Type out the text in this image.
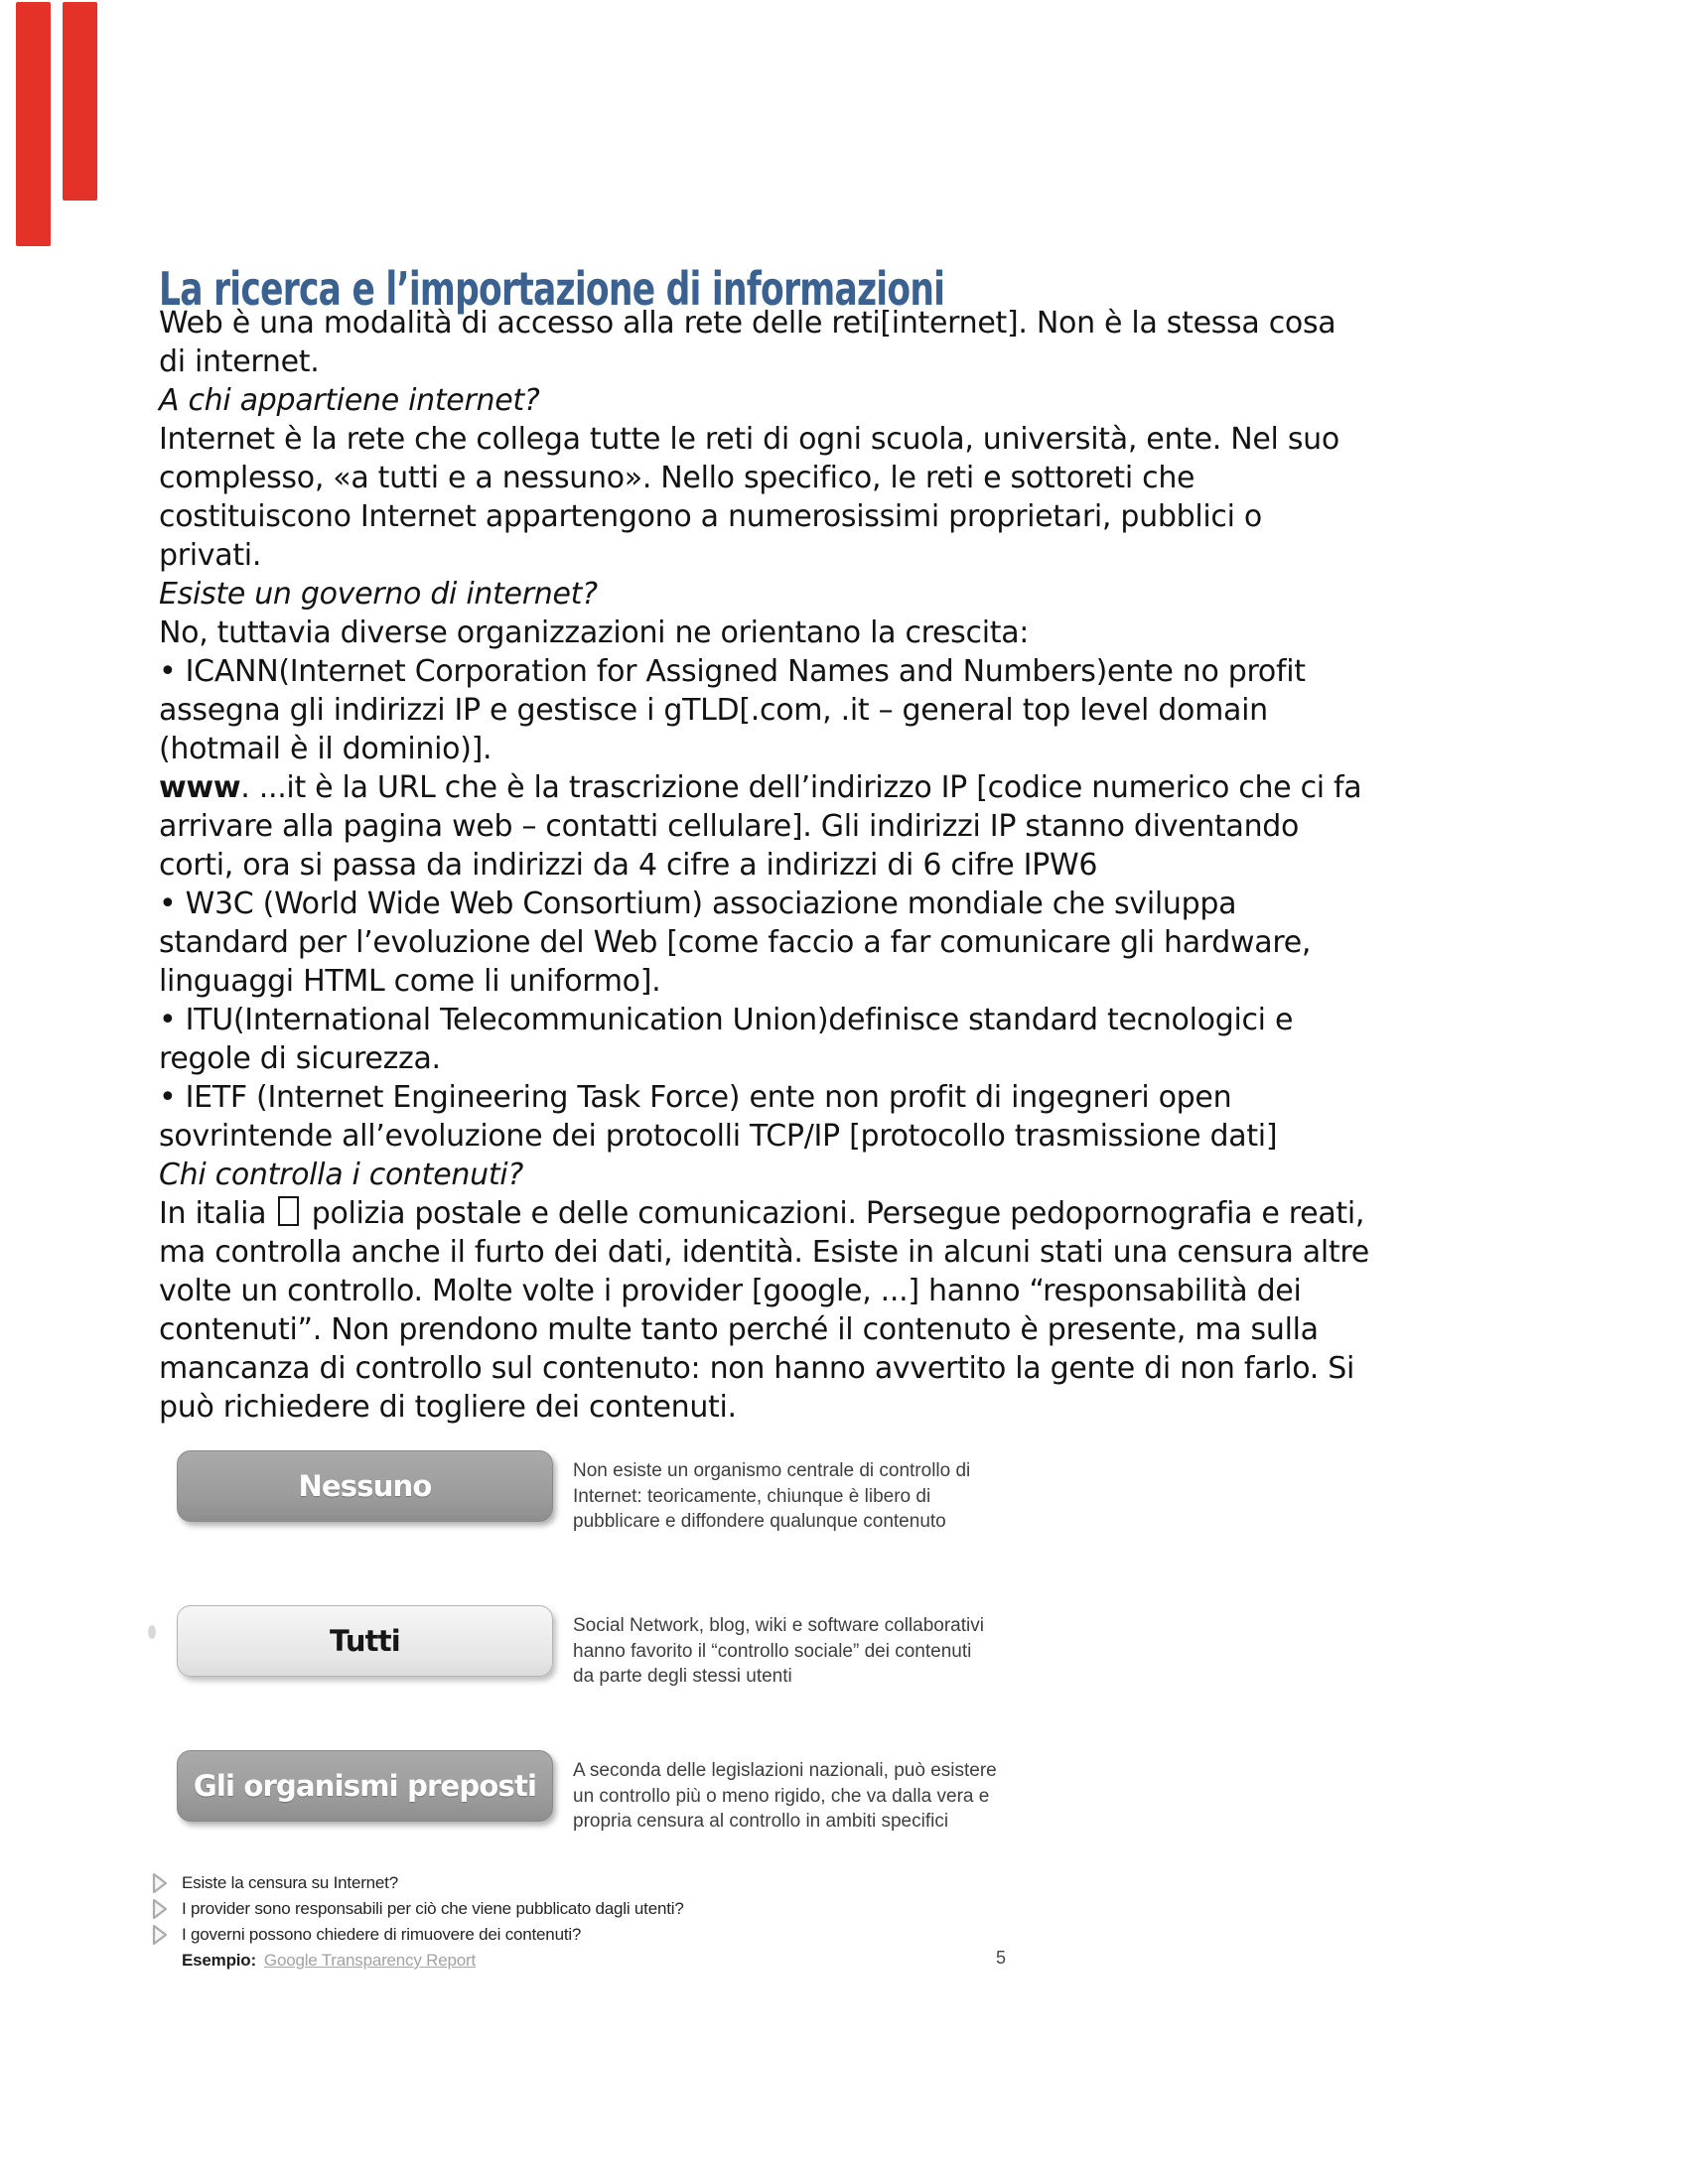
La ricerca e l’importazione di informazioni
Web è una modalità di accesso alla rete delle reti[internet]. Non è la stessa cosa
di internet.
A chi appartiene internet?
Internet è la rete che collega tutte le reti di ogni scuola, università, ente. Nel suo
complesso, «a tutti e a nessuno». Nello specifico, le reti e sottoreti che
costituiscono Internet appartengono a numerosissimi proprietari, pubblici o
privati.
Esiste un governo di internet?
No, tuttavia diverse organizzazioni ne orientano la crescita:
• ICANN(Internet Corporation for Assigned Names and Numbers)ente no profit
assegna gli indirizzi IP e gestisce i gTLD[.com, .it – general top level domain
(hotmail è il dominio)].
www. ...it è la URL che è la trascrizione dell’indirizzo IP [codice numerico che ci fa
arrivare alla pagina web – contatti cellulare]. Gli indirizzi IP stanno diventando
corti, ora si passa da indirizzi da 4 cifre a indirizzi di 6 cifre IPW6
• W3C (World Wide Web Consortium) associazione mondiale che sviluppa
standard per l’evoluzione del Web [come faccio a far comunicare gli hardware,
linguaggi HTML come li uniformo].
• ITU(International Telecommunication Union)definisce standard tecnologici e
regole di sicurezza.
• IETF (Internet Engineering Task Force) ente non profit di ingegneri open
sovrintende all’evoluzione dei protocolli TCP/IP [protocollo trasmissione dati]
Chi controlla i contenuti?
In italia  polizia postale e delle comunicazioni. Persegue pedopornografia e reati,
ma controlla anche il furto dei dati, identità. Esiste in alcuni stati una censura altre
volte un controllo. Molte volte i provider [google, ...] hanno “responsabilità dei
contenuti”. Non prendono multe tanto perché il contenuto è presente, ma sulla
mancanza di controllo sul contenuto: non hanno avvertito la gente di non farlo. Si
può richiedere di togliere dei contenuti.
Nessuno	Non esiste un organismo centrale di controllo di
Internet: teoricamente, chiunque è libero di
pubblicare e diffondere qualunque contenuto
Tutti	Social Network, blog, wiki e software collaborativi
hanno favorito il “controllo sociale” dei contenuti
da parte degli stessi utenti
Gli organismi preposti	A seconda delle legislazioni nazionali, può esistere
un controllo più o meno rigido, che va dalla vera e
propria censura al controllo in ambiti specifici
Esiste la censura su Internet?
I provider sono responsabili per ciò che viene pubblicato dagli utenti?
I governi possono chiedere di rimuovere dei contenuti?
Esempio: Google Transparency Report	5
